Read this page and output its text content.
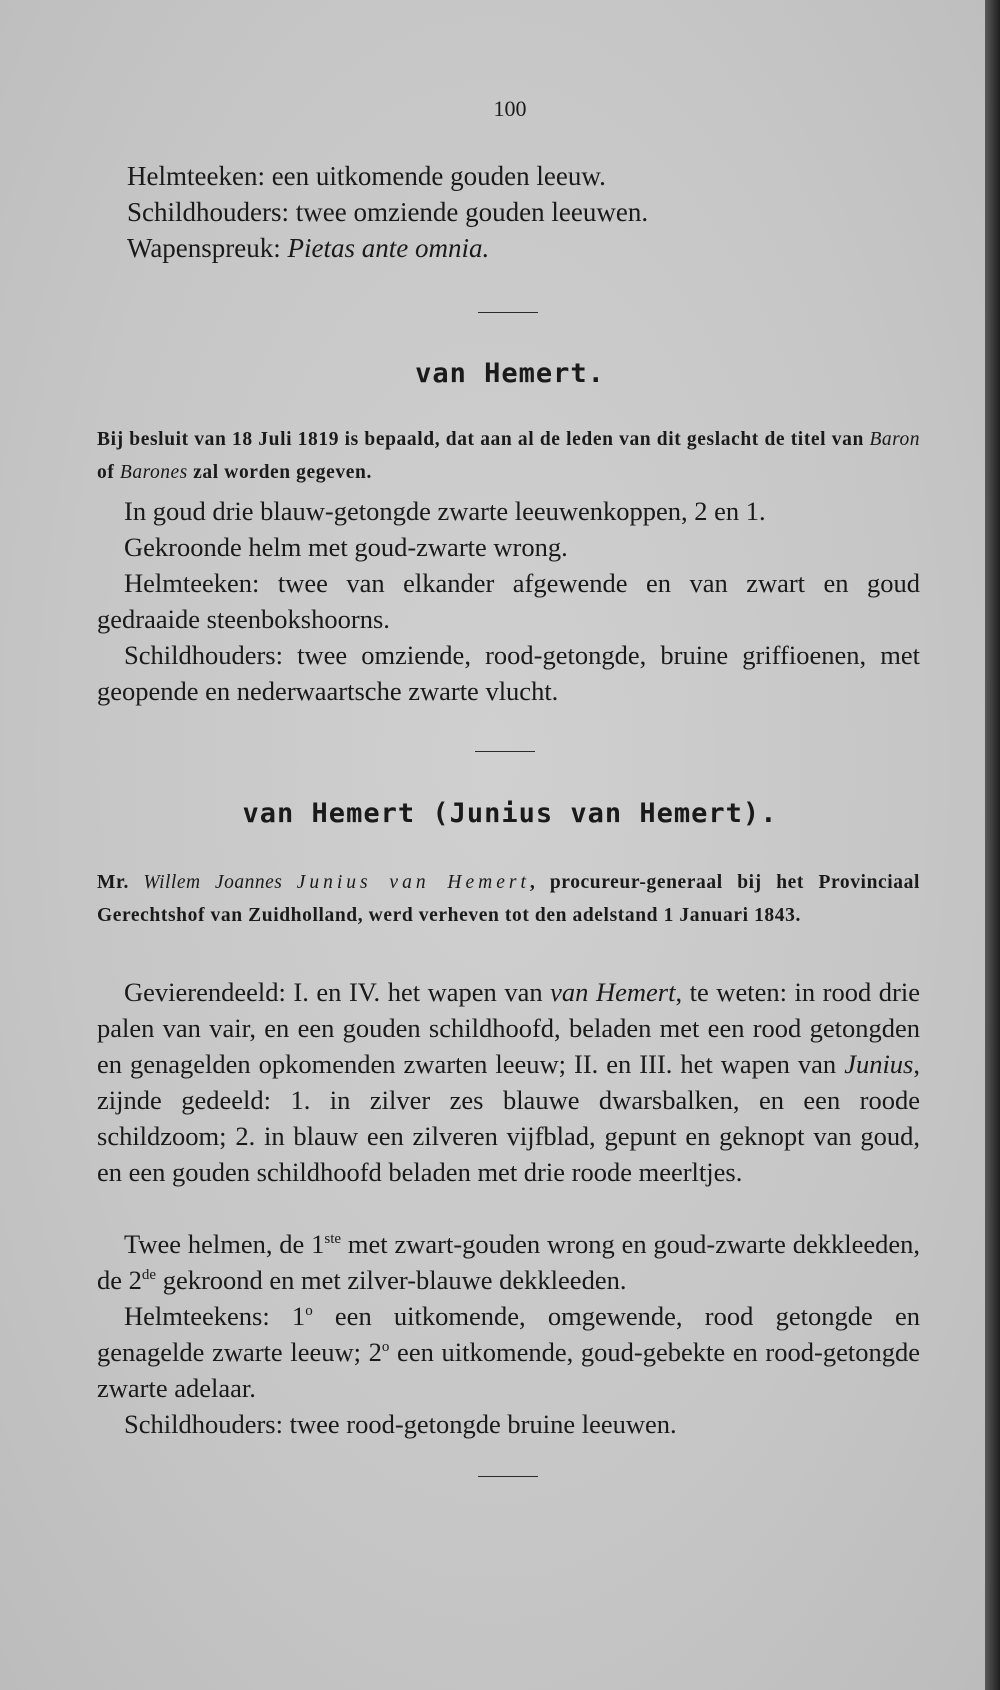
100
Helmteeken: een uitkomende gouden leeuw.
Schildhouders: twee omziende gouden leeuwen.
Wapenspreuk: Pietas ante omnia.
van Hemert.
Bij besluit van 18 Juli 1819 is bepaald, dat aan al de leden van dit geslacht de titel van Baron of Barones zal worden gegeven.
In goud drie blauw-getongde zwarte leeuwenkoppen, 2 en 1.
Gekroonde helm met goud-zwarte wrong.
Helmteeken: twee van elkander afgewende en van zwart en goud gedraaide steenbokshoorns.
Schildhouders: twee omziende, rood-getongde, bruine griffioenen, met geopende en nederwaartsche zwarte vlucht.
van Hemert (Junius van Hemert).
Mr. Willem Joannes Junius van Hemert, procureur-generaal bij het Provinciaal Gerechtshof van Zuidholland, werd verheven tot den adelstand 1 Januari 1843.
Gevierendeeld: I. en IV. het wapen van van Hemert, te weten: in rood drie palen van vair, en een gouden schildhoofd, beladen met een rood getongden en genagelden opkomenden zwarten leeuw; II. en III. het wapen van Junius, zijnde gedeeld: 1. in zilver zes blauwe dwarsbalken, en een roode schildzoom; 2. in blauw een zilveren vijfblad, gepunt en geknopt van goud, en een gouden schildhoofd beladen met drie roode meerltjes.
Twee helmen, de 1ste met zwart-gouden wrong en goud-zwarte dekkleeden, de 2de gekroond en met zilver-blauwe dekkleeden.
Helmteekens: 1$^o$ een uitkomende, omgewende, rood getongde en genagelde zwarte leeuw; 2$^o$ een uitkomende, goud-gebekte en rood-getongde zwarte adelaar.
Schildhouders: twee rood-getongde bruine leeuwen.
